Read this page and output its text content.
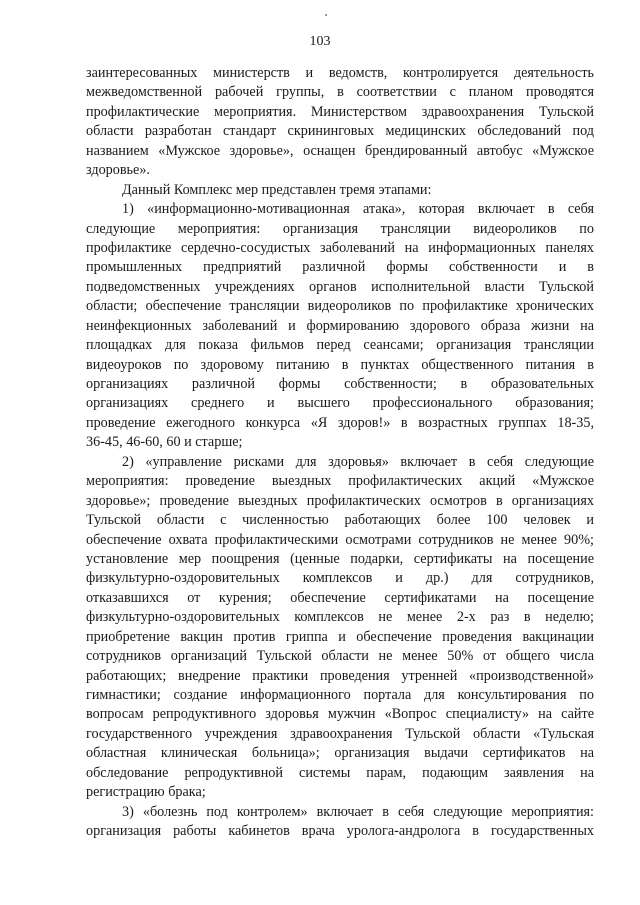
103
заинтересованных министерств и ведомств, контролируется деятельность
межведомственной рабочей группы, в соответствии с планом проводятся
профилактические мероприятия. Министерством здравоохранения Тульской
области разработан стандарт скрининговых медицинских обследований под
названием «Мужское здоровье», оснащен брендированный автобус «Мужское
здоровье».
Данный Комплекс мер представлен тремя этапами:
1) «информационно-мотивационная атака», которая включает в себя
следующие мероприятия: организация трансляции видеороликов по
профилактике сердечно-сосудистых заболеваний на информационных панелях
промышленных предприятий различной формы собственности и в
подведомственных учреждениях органов исполнительной власти Тульской
области; обеспечение трансляции видеороликов по профилактике хронических
неинфекционных заболеваний и формированию здорового образа жизни на
площадках для показа фильмов перед сеансами; организация трансляции
видеоуроков по здоровому питанию в пунктах общественного питания в
организациях различной формы собственности; в образовательных
организациях среднего и высшего профессионального образования;
проведение ежегодного конкурса «Я здоров!» в возрастных группах 18-35,
36-45, 46-60, 60 и старше;
2) «управление рисками для здоровья» включает в себя следующие
мероприятия: проведение выездных профилактических акций «Мужское
здоровье»; проведение выездных профилактических осмотров в организациях
Тульской области с численностью работающих более 100 человек и
обеспечение охвата профилактическими осмотрами сотрудников не менее 90%;
установление мер поощрения (ценные подарки, сертификаты на посещение
физкультурно-оздоровительных комплексов и др.) для сотрудников,
отказавшихся от курения; обеспечение сертификатами на посещение
физкультурно-оздоровительных комплексов не менее 2-х раз в неделю;
приобретение вакцин против гриппа и обеспечение проведения вакцинации
сотрудников организаций Тульской области не менее 50% от общего числа
работающих; внедрение практики проведения утренней «производственной»
гимнастики; создание информационного портала для консультирования по
вопросам репродуктивного здоровья мужчин «Вопрос специалисту» на сайте
государственного учреждения здравоохранения Тульской области «Тульская
областная клиническая больница»; организация выдачи сертификатов на
обследование репродуктивной системы парам, подающим заявления на
регистрацию брака;
3) «болезнь под контролем» включает в себя следующие мероприятия:
организация работы кабинетов врача уролога-андролога в государственных
